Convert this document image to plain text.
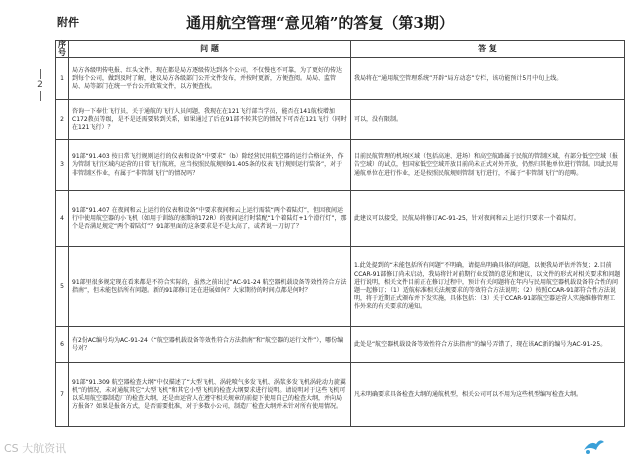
2
附件	通用航空管理“意见箱”的答复（第3期）
序号	问 题	答 复
1	局方各级明传电报、红头文件，现在都是局方逐级传达到各个公司，不仅慢也不可靠，为了更好的传达到每个公司，做到及时了解，建议局方各级部门公开文件发布，并按时更新，方便查阅。局局、监管局、局等部门在统一平台公开政策文件，以方便查找。	我局将在“通用航空管理系统”开辟“局方动态”专栏，该功能预计5月中旬上线。
2	咨询一下奉仕飞行员，关于通航的飞行人员问题，我现在在121飞行部当学员，能否在141航校增加C172教员等级，是不是还需要转到关系，如果通过了后在91部不转其它的情况下可否在121飞行（同时在121飞行）？	可以，没有限制。
3	91部“91.403 按日常飞行规则运行的仪表和设备”中要求”（b）除经营民用航空器的运行合格证外，作为管制飞行区域内运营的日常飞行航班，应当按照民航规则91.405条的仪表飞行规则运行装备”，对于非管制区作业，有属于“非管制飞行”的情况吗？	目前民航管理的机场区域（包括高速、进场）和高空航路属于民航的管制区域，有部分低空空域（报告空域）的试点，但国家低空空域开放目前尚未正式对外开放，仍然归其他单位进行管制。因此民用通航单位在进行作业，还是按照民航规则管制飞行进行，不属于“非管制飞行”的范畴。
4	91部“91.407 在夜间和云上运行的仪表和设备”中要求夜间和云上运行需装“两个着陆灯”，但因夜间运行中使用航空器的小飞机（如用于训练的塞斯纳172R）的夜间运行时装配“1个着陆灯+1个滑行灯”，那个是否满足规定“两个着陆灯”？91部里面的这条要求是不是太高了，或者说一刀切了？	此建议可以接受，民航局将修订AC-91-25，针对夜间和云上运行只要求一个着陆灯。
5	91部里很多规定现在看来都是不符合实际的，虽然之前出过“AC-91-24 航空器机载设备等效性符合方法指南”，但未能包括所有问题。新的91部修订还在进展如何？大家期待的时间点都是何时？	1.此处提到的“未能包括所有问题”不明确，请提出明确具体的问题，以便我局评估并答复；2.目前CCAR-91部修订尚未启动，我局将针对前期行业反馈的意见和建议，以文件的形式对相关要求和问题进行说明，相关文件目前正在修订过程中，预计有关问题将在年内与民用航空器机载设备符合性的问题一起修订；（1）适航标准相关法规要求的等效符合方法说明；（2）按照CCAR-91部符合性方法说明，将于近期正式颁布并下发实施，具体包括：（3）关于CCAR-91部航空器运营人实施维修管理工作外来的有关要求的通知。
6	有2份AC编号均为AC-91-24（“航空器机载设备等效性符合方法指南”和“航空器的运行文件”），哪份编号对？	此处是“航空器机载设备等效性符合方法指南”的编号弄错了，现在该AC新的编号为AC-91-25。
7	91部“91.309 航空器检查大纲”中仅描述了“大型飞机、涡轮喷气多发飞机、涡浆多发飞机涡轮动力旋翼机”的情况，未对通航其它“大型飞机”和其它小型飞机的检查大纲要求进行说明。请说明对于这些飞机可以采用航空器制造厂的检查大纲，还是由运营人在遵守相关规章的前提下使用自己的检查大纲，并向局方报备？如果是报备方式，是否需要批准，对于多数小公司，制造厂检查大纲并未针对所有使用情况。	凡未明确要求具备检查大纲的通航机型，相关公司可以不用为这些机型编写检查大纲。
CS 大航资讯
